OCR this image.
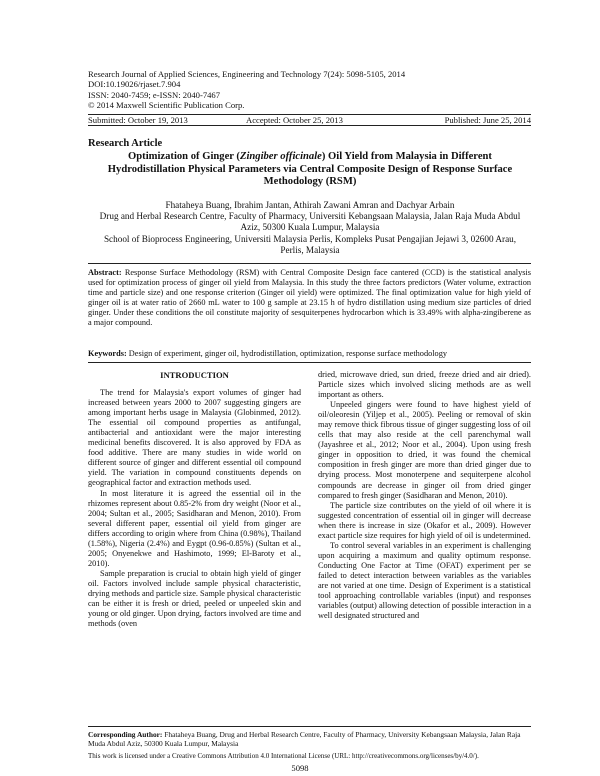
Research Journal of Applied Sciences, Engineering and Technology 7(24): 5098-5105, 2014
DOI:10.19026/rjaset.7.904
ISSN: 2040-7459; e-ISSN: 2040-7467
© 2014 Maxwell Scientific Publication Corp.
Submitted: October 19, 2013	Accepted: October 25, 2013	Published: June 25, 2014
Research Article
Optimization of Ginger (Zingiber officinale) Oil Yield from Malaysia in Different Hydrodistillation Physical Parameters via Central Composite Design of Response Surface Methodology (RSM)
Fhataheya Buang, Ibrahim Jantan, Athirah Zawani Amran and Dachyar Arbain
Drug and Herbal Research Centre, Faculty of Pharmacy, Universiti Kebangsaan Malaysia, Jalan Raja Muda Abdul Aziz, 50300 Kuala Lumpur, Malaysia
School of Bioprocess Engineering, Universiti Malaysia Perlis, Kompleks Pusat Pengajian Jejawi 3, 02600 Arau, Perlis, Malaysia
Abstract: Response Surface Methodology (RSM) with Central Composite Design face cantered (CCD) is the statistical analysis used for optimization process of ginger oil yield from Malaysia. In this study the three factors predictors (Water volume, extraction time and particle size) and one response criterion (Ginger oil yield) were optimized. The final optimization value for high yield of ginger oil is at water ratio of 2660 mL water to 100 g sample at 23.15 h of hydro distillation using medium size particles of dried ginger. Under these conditions the oil constitute majority of sesquiterpenes hydrocarbon which is 33.49% with alpha-zingiberene as a major compound.
Keywords: Design of experiment, ginger oil, hydrodistillation, optimization, response surface methodology
INTRODUCTION

The trend for Malaysia's export volumes of ginger had increased between years 2000 to 2007 suggesting gingers are among important herbs usage in Malaysia (Globinmed, 2012). The essential oil compound properties as antifungal, antibacterial and antioxidant were the major interesting medicinal benefits discovered. It is also approved by FDA as food additive. There are many studies in wide world on different source of ginger and different essential oil compound yield. The variation in compound constituents depends on geographical factor and extraction methods used.

In most literature it is agreed the essential oil in the rhizomes represent about 0.85-2% from dry weight (Noor et al., 2004; Sultan et al., 2005; Sasidharan and Menon, 2010). From several different paper, essential oil yield from ginger are differs according to origin where from China (0.98%), Thailand (1.58%), Nigeria (2.4%) and Eygpt (0.96-0.85%) (Sultan et al., 2005; Onyenekwe and Hashimoto, 1999; El-Baroty et al., 2010).

Sample preparation is crucial to obtain high yield of ginger oil. Factors involved include sample physical characteristic, drying methods and particle size. Sample physical characteristic can be either it is fresh or dried, peeled or unpeeled skin and young or old ginger. Upon drying, factors involved are time and methods (oven

dried, microwave dried, sun dried, freeze dried and air dried). Particle sizes which involved slicing methods are as well important as others.

Unpeeled gingers were found to have highest yield of oil/oleoresin (Yiljep et al., 2005). Peeling or removal of skin may remove thick fibrous tissue of ginger suggesting loss of oil cells that may also reside at the cell parenchymal wall (Jayashree et al., 2012; Noor et al., 2004). Upon using fresh ginger in opposition to dried, it was found the chemical composition in fresh ginger are more than dried ginger due to drying process. Most monoterpene and sequiterpene alcohol compounds are decrease in ginger oil from dried ginger compared to fresh ginger (Sasidharan and Menon, 2010).

The particle size contributes on the yield of oil where it is suggested concentration of essential oil in ginger will decrease when there is increase in size (Okafor et al., 2009). However exact particle size requires for high yield of oil is undetermined.

To control several variables in an experiment is challenging upon acquiring a maximum and quality optimum response. Conducting One Factor at Time (OFAT) experiment per se failed to detect interaction between variables as the variables are not varied at one time. Design of Experiment is a statistical tool approaching controllable variables (input) and responses variables (output) allowing detection of possible interaction in a well designated structured and

Corresponding Author: Fhataheya Buang, Drug and Herbal Research Centre, Faculty of Pharmacy, University Kebangsaan Malaysia, Jalan Raja Muda Abdul Aziz, 50300 Kuala Lumpur, Malaysia
This work is licensed under a Creative Commons Attribution 4.0 International License (URL: http://creativecommons.org/licenses/by/4.0/).
5098
